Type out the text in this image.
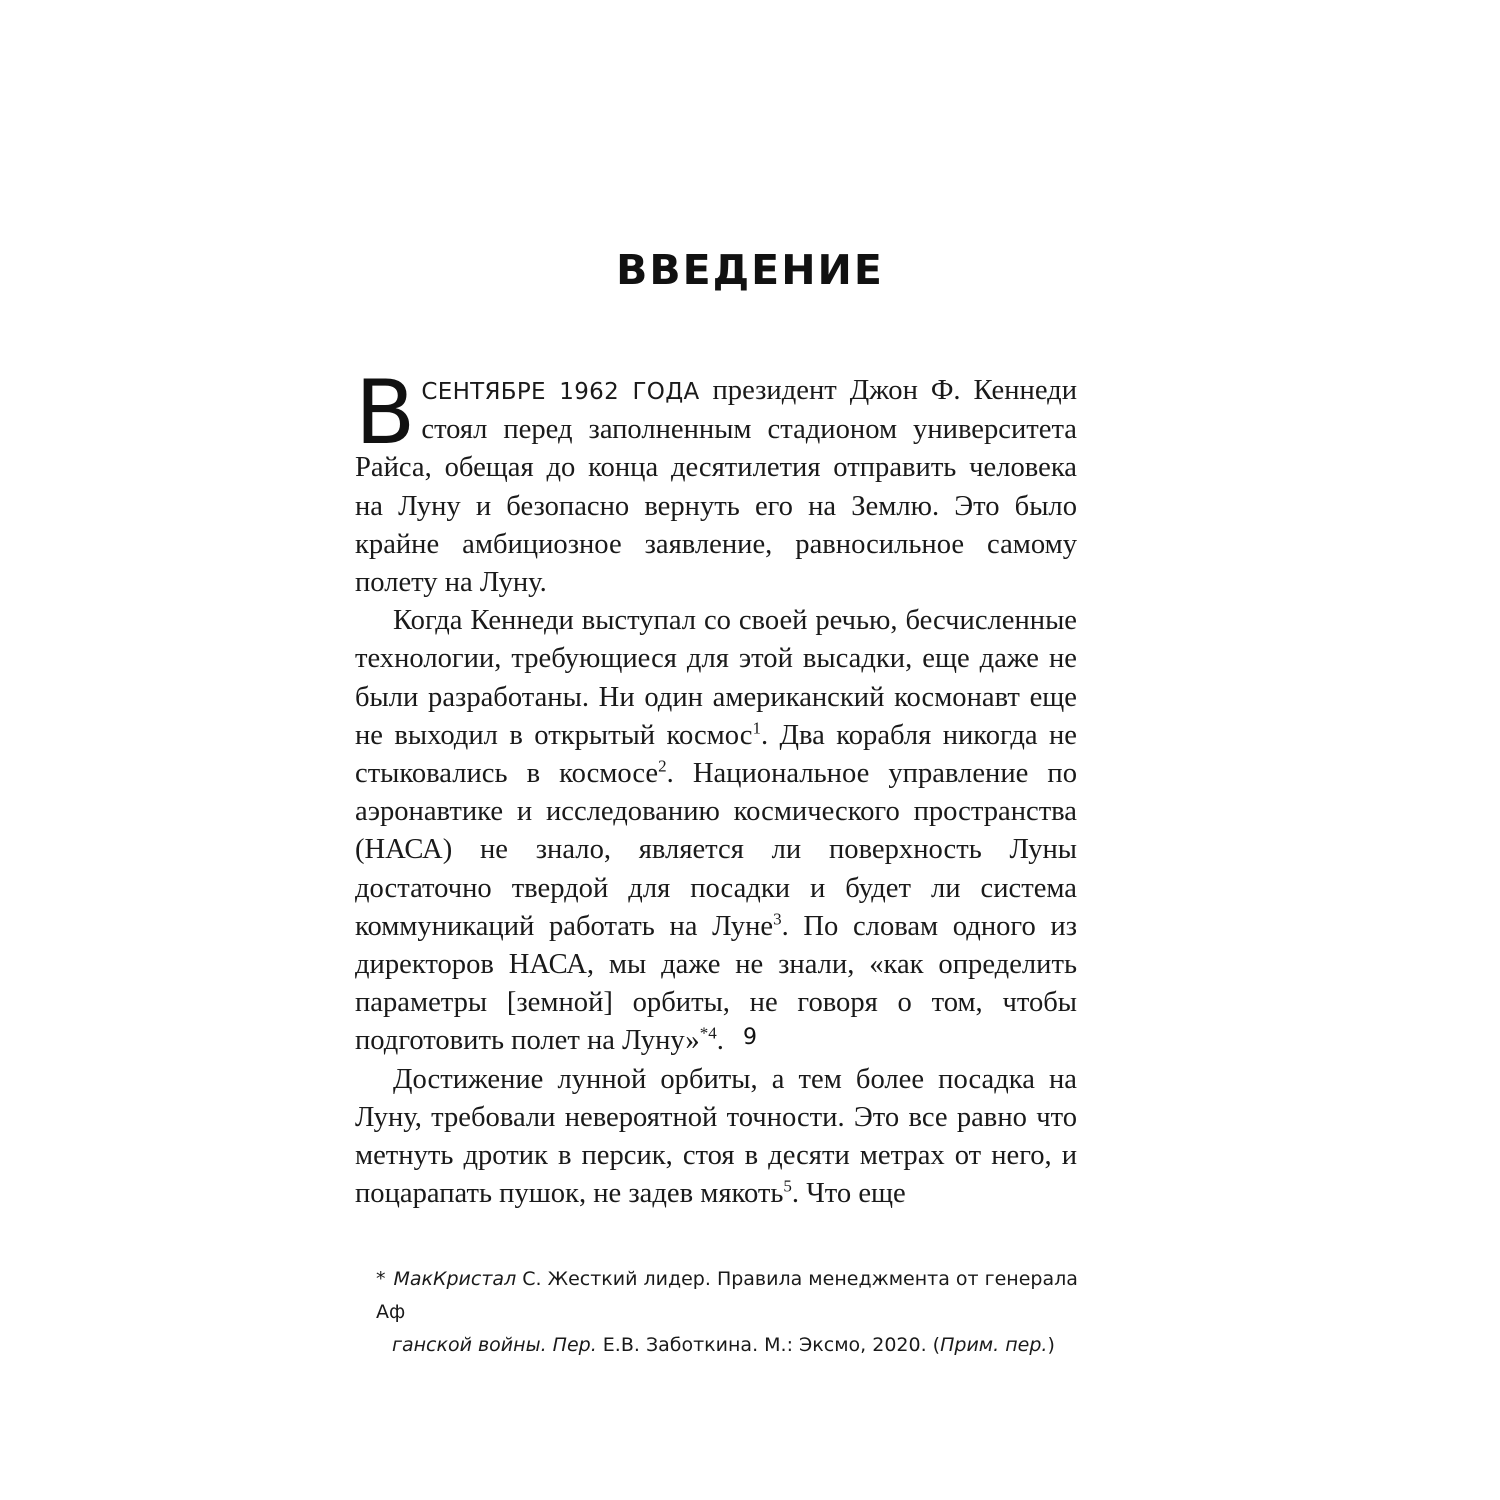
ВВЕДЕНИЕ

ВСЕНТЯБРЕ 1962 ГОДА президент Джон Ф. Кеннеди стоял перед заполненным стадионом университета Райса, обещая до конца десятилетия отправить человека на Луну и безопасно вернуть его на Землю. Это было крайне амбициозное заявление, равносильное самому полету на Луну.

Когда Кеннеди выступал со своей речью, бесчисленные технологии, требующиеся для этой высадки, еще даже не были разработаны. Ни один американский космонавт еще не выходил в открытый космос$^1$. Два корабля никогда не стыковались в космосе$^2$. Национальное управление по аэронавтике и исследованию космического пространства (НАСА) не знало, является ли поверхность Луны достаточно твердой для посадки и будет ли система коммуникаций работать на Луне$^3$. По словам одного из директоров НАСА, мы даже не знали, «как определить параметры [земной] орбиты, не говоря о том, чтобы подготовить полет на Луну»$^{*4}$.

Достижение лунной орбиты, а тем более посадка на Луну, требовали невероятной точности. Это все равно что метнуть дротик в персик, стоя в десяти метрах от него, и поцарапать пушок, не задев мякоть$^5$. Что еще

* МакКристал С. Жесткий лидер. Правила менеджмента от генерала Аф
ганской войны. Пер. Е.В. Заботкина. М.: Эксмо, 2020. (Прим. пер.)

9
